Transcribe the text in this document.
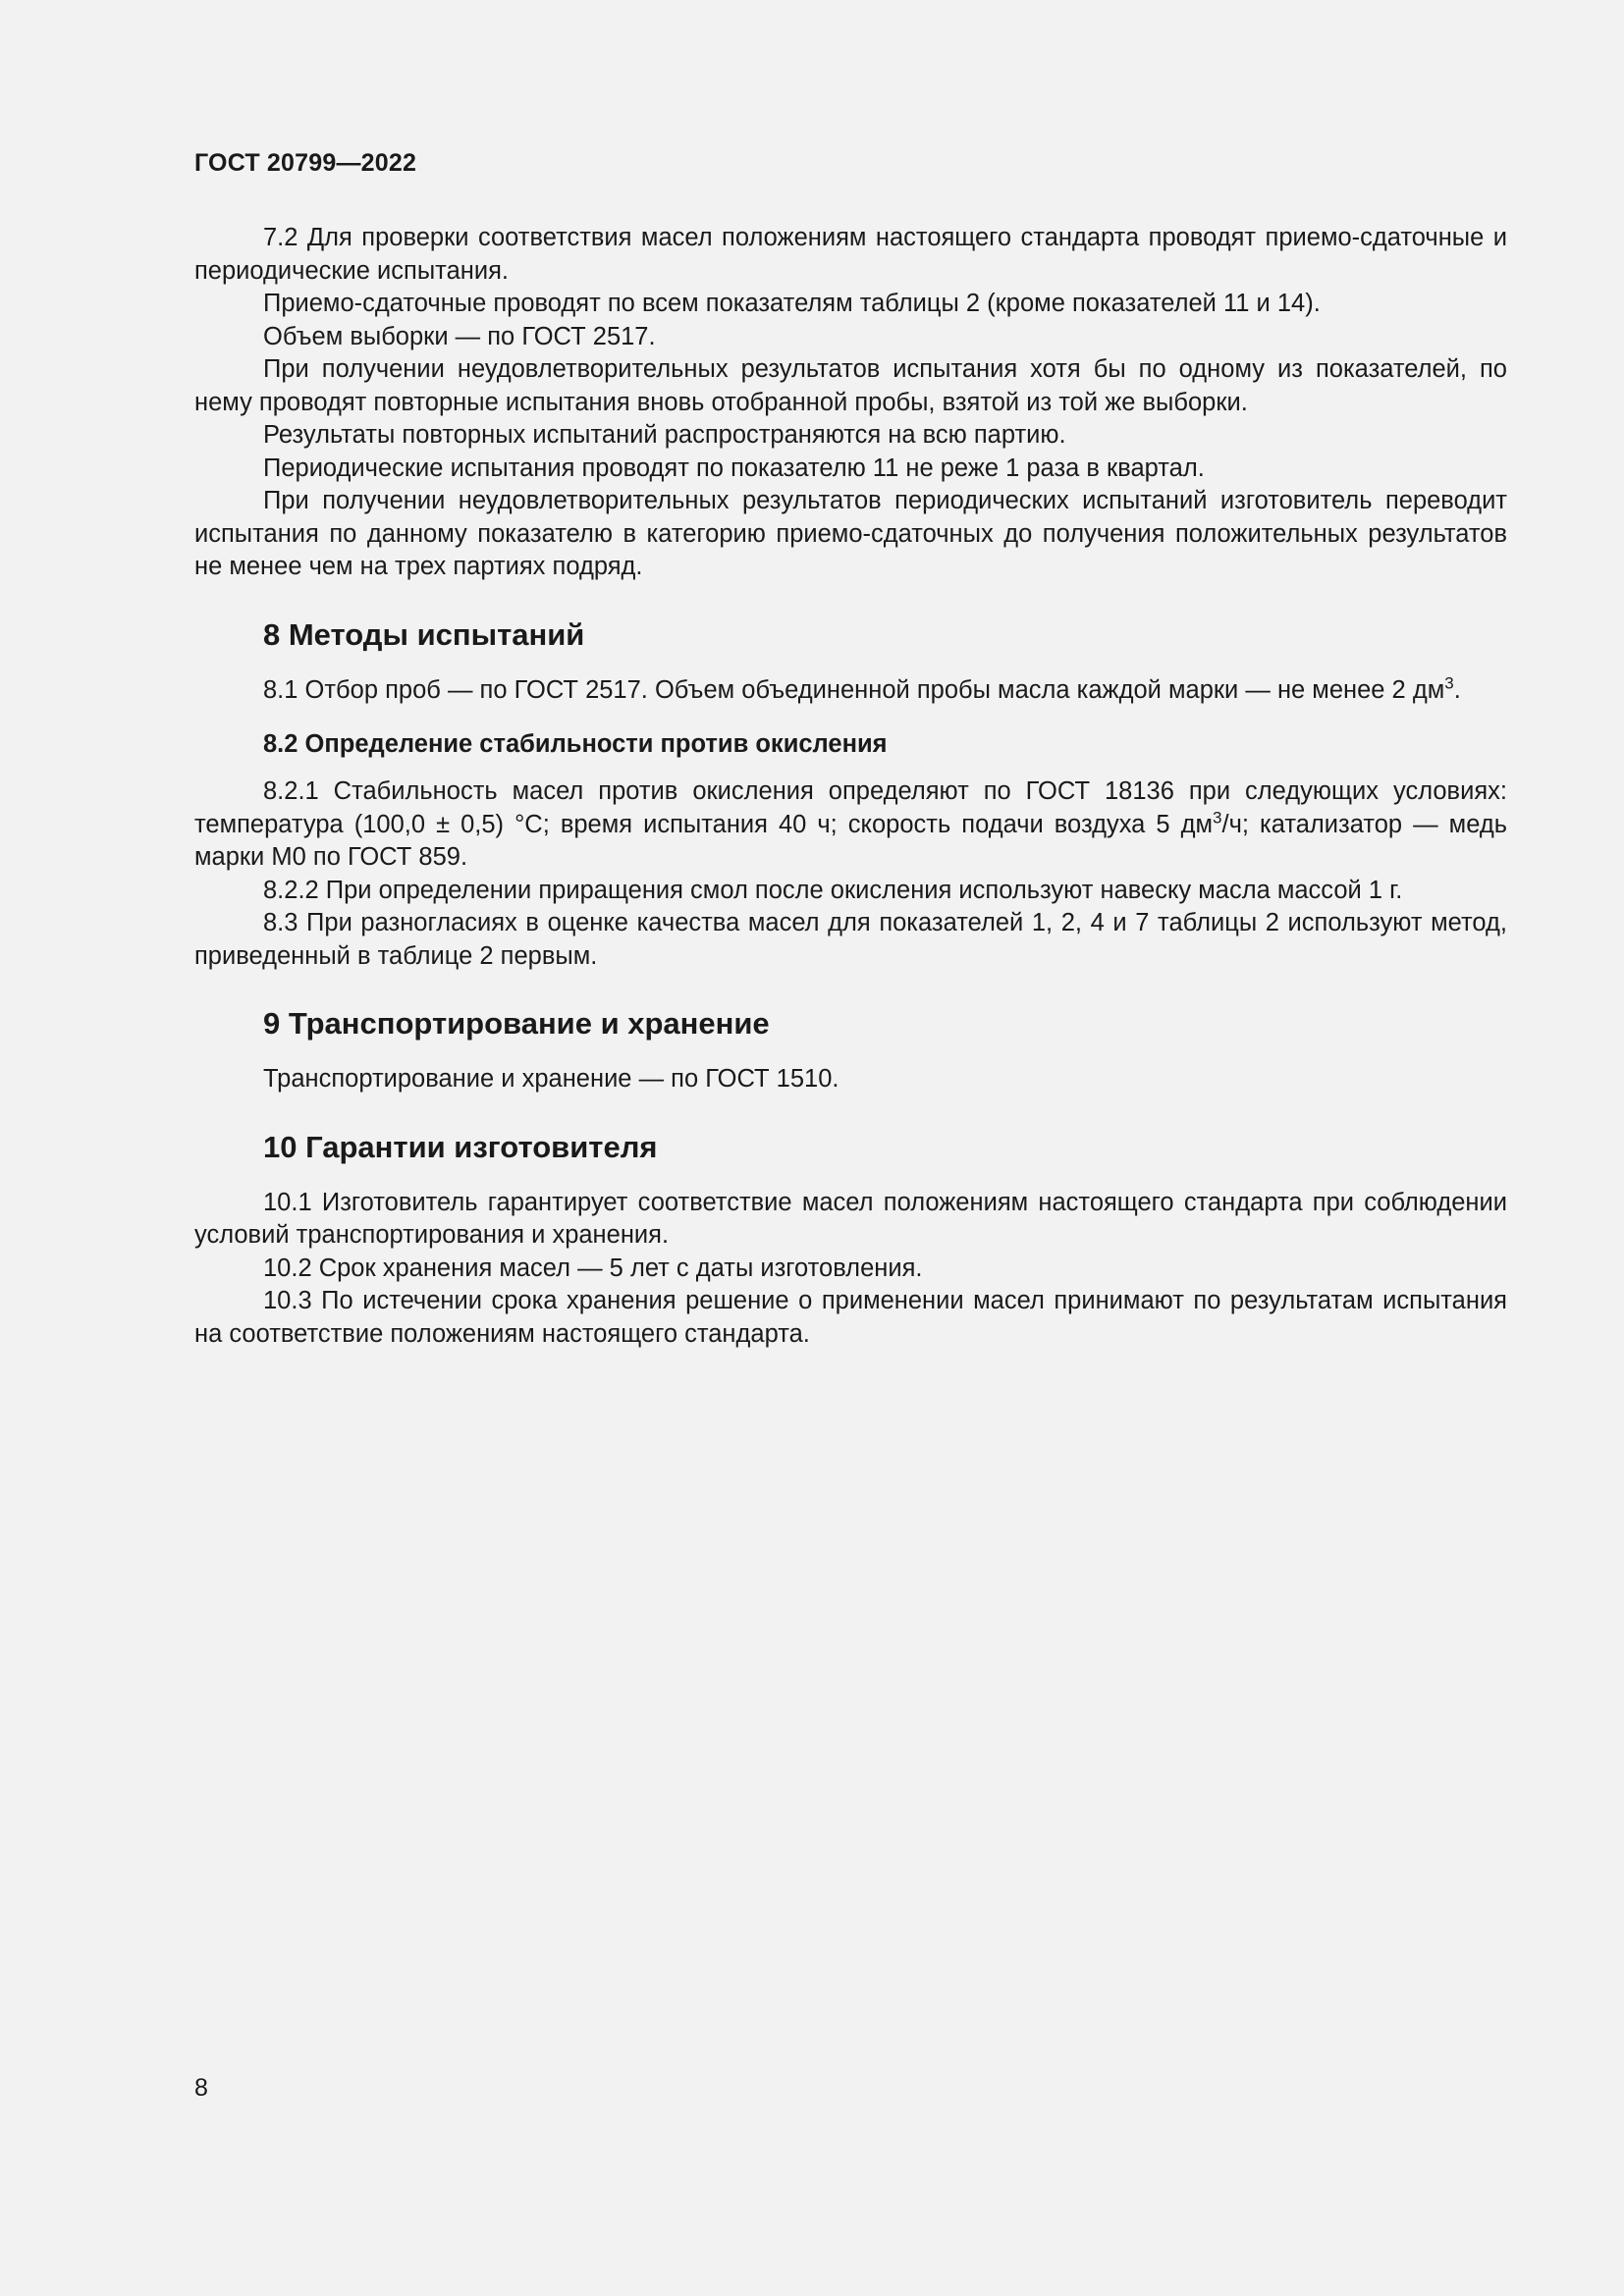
ГОСТ 20799—2022

7.2 Для проверки соответствия масел положениям настоящего стандарта проводят приемо-сдаточные и периодические испытания.

Приемо-сдаточные проводят по всем показателям таблицы 2 (кроме показателей 11 и 14).

Объем выборки — по ГОСТ 2517.

При получении неудовлетворительных результатов испытания хотя бы по одному из показателей, по нему проводят повторные испытания вновь отобранной пробы, взятой из той же выборки.

Результаты повторных испытаний распространяются на всю партию.

Периодические испытания проводят по показателю 11 не реже 1 раза в квартал.

При получении неудовлетворительных результатов периодических испытаний изготовитель переводит испытания по данному показателю в категорию приемо-сдаточных до получения положительных результатов не менее чем на трех партиях подряд.

8 Методы испытаний

8.1 Отбор проб — по ГОСТ 2517. Объем объединенной пробы масла каждой марки — не менее 2 $дм^3$.

8.2 Определение стабильности против окисления

8.2.1 Стабильность масел против окисления определяют по ГОСТ 18136 при следующих условиях: температура (100,0 ± 0,5) °C; время испытания 40 ч; скорость подачи воздуха 5 $дм^3/ч$; катализатор — медь марки М0 по ГОСТ 859.

8.2.2 При определении приращения смол после окисления используют навеску масла массой 1 г.

8.3 При разногласиях в оценке качества масел для показателей 1, 2, 4 и 7 таблицы 2 используют метод, приведенный в таблице 2 первым.

9 Транспортирование и хранение

Транспортирование и хранение — по ГОСТ 1510.

10 Гарантии изготовителя

10.1 Изготовитель гарантирует соответствие масел положениям настоящего стандарта при соблюдении условий транспортирования и хранения.

10.2 Срок хранения масел — 5 лет с даты изготовления.

10.3 По истечении срока хранения решение о применении масел принимают по результатам испытания на соответствие положениям настоящего стандарта.

8
